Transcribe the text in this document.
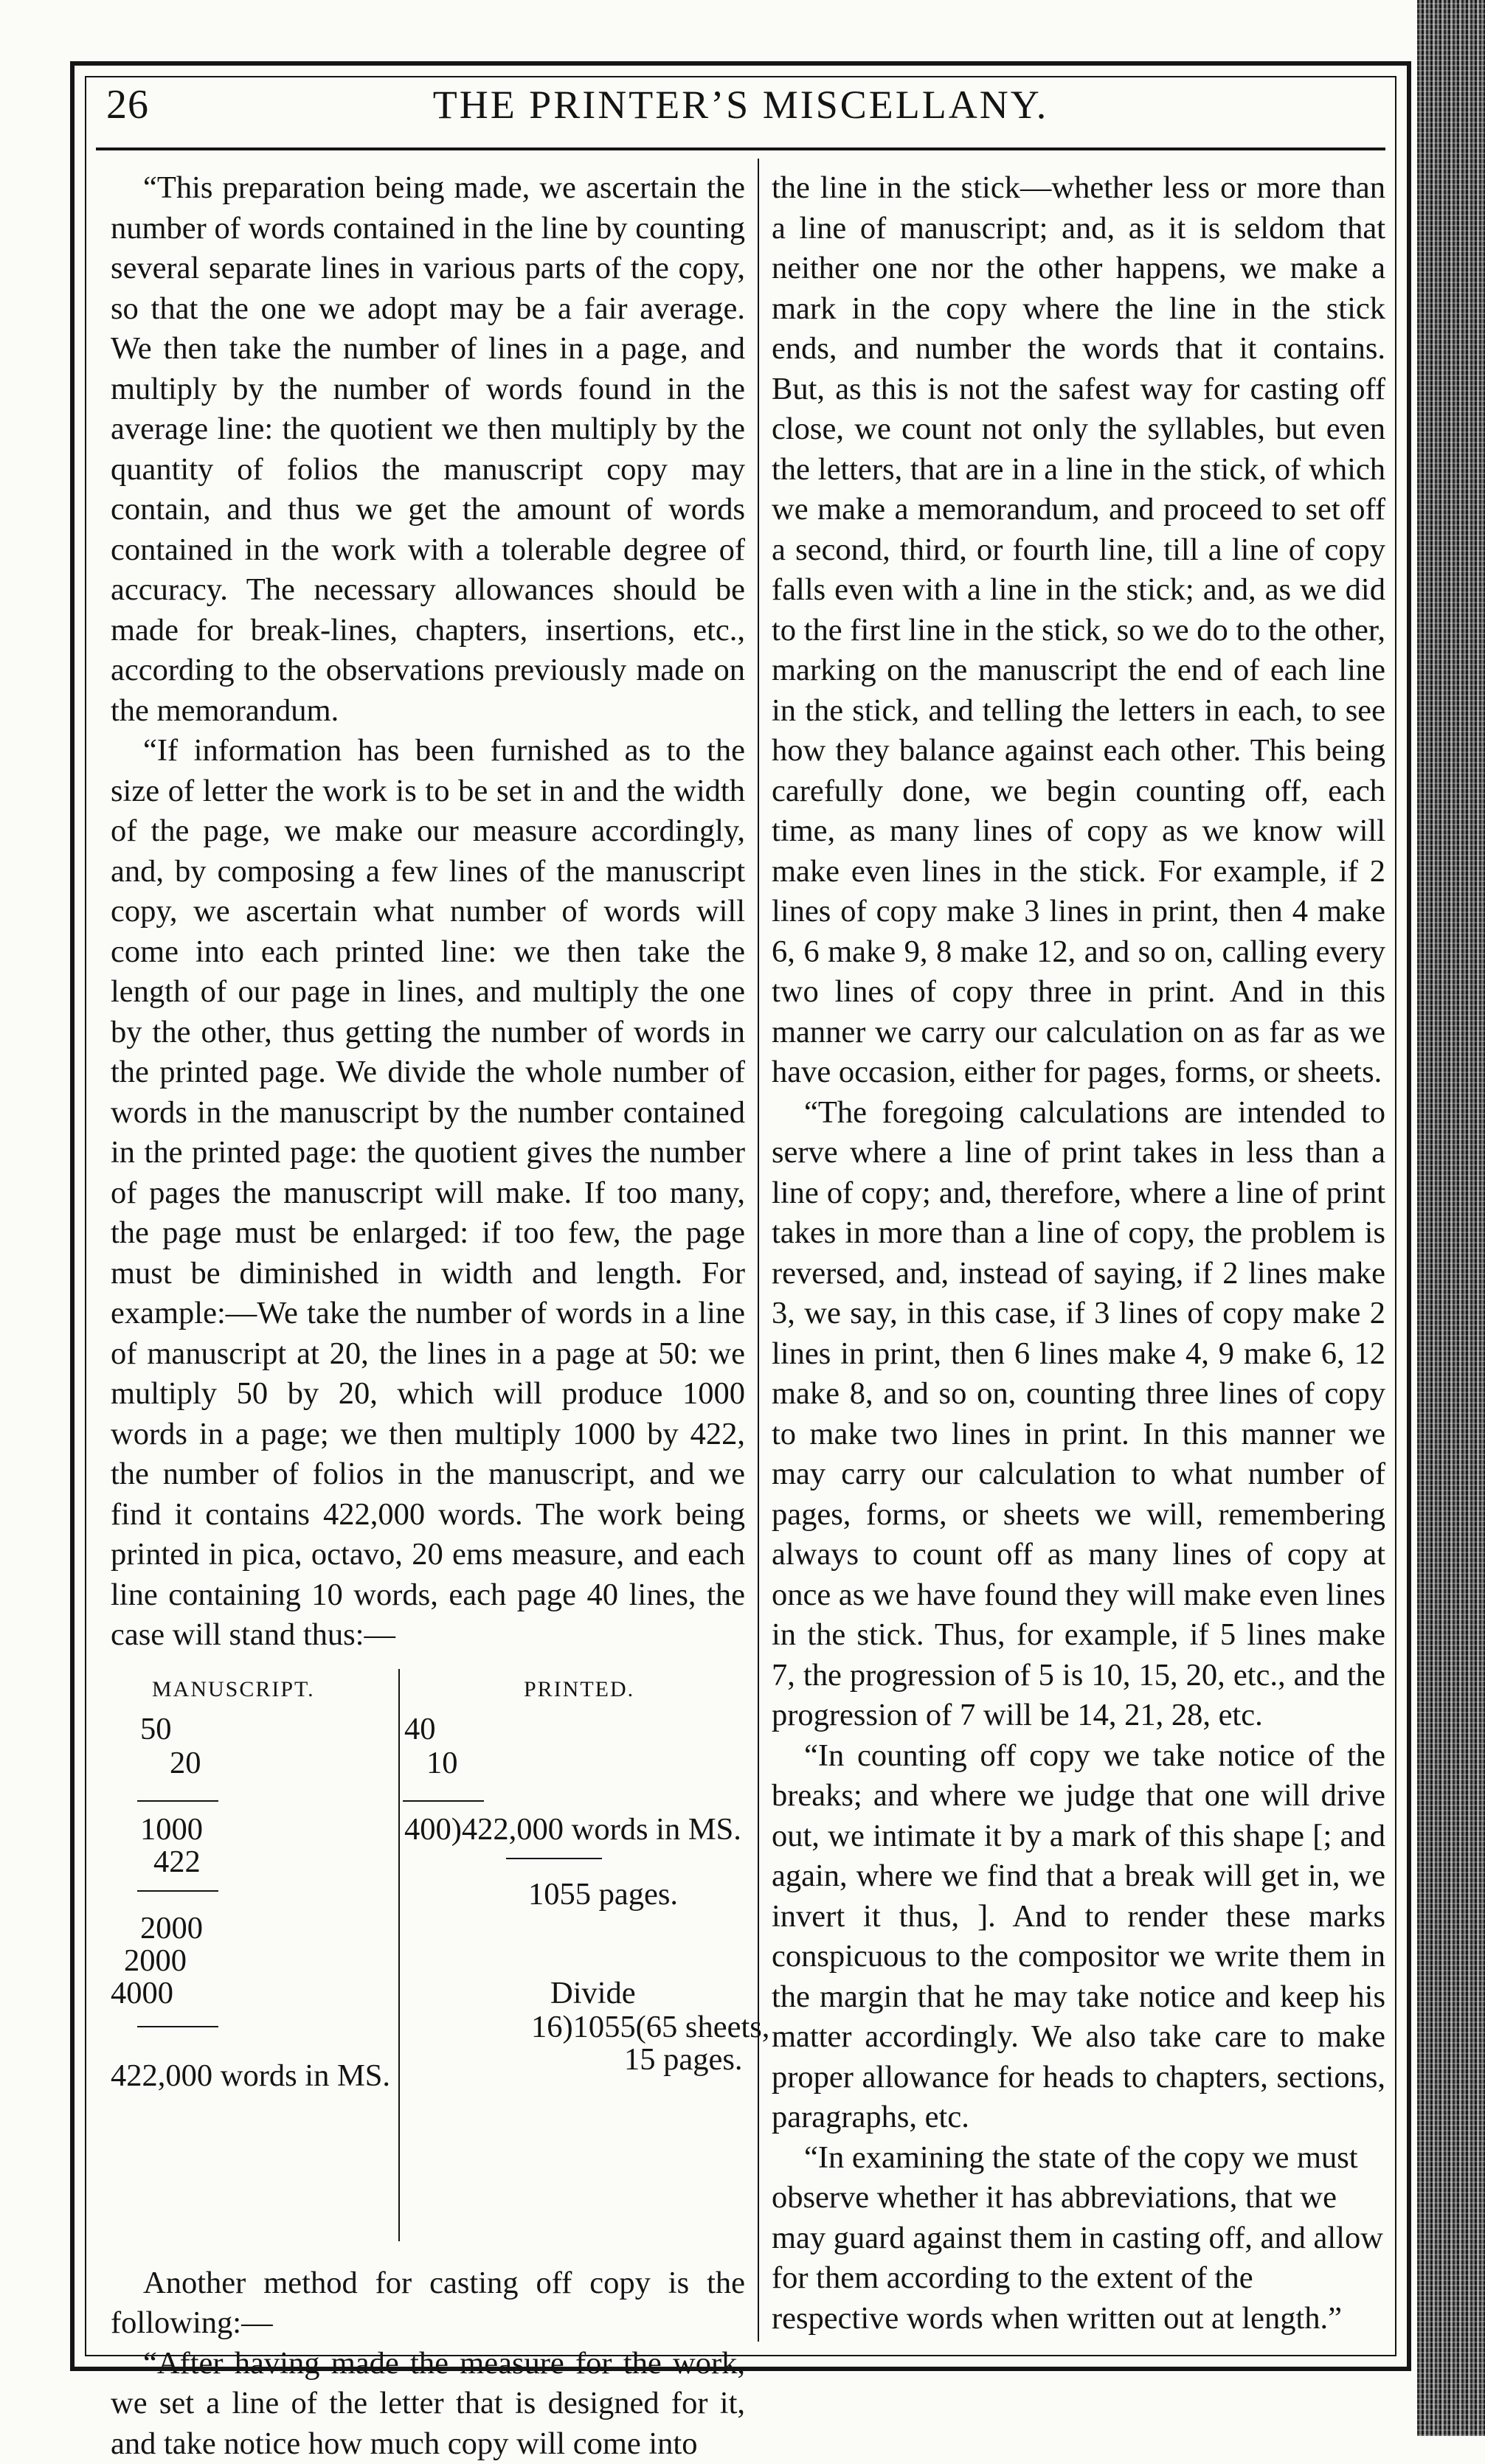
26	THE PRINTER’S MISCELLANY.

“This preparation being made, we ascertain the number of words contained in the line by counting several separate lines in various parts of the copy, so that the one we adopt may be a fair average. We then take the number of lines in a page, and multiply by the number of words found in the average line: the quotient we then multiply by the quantity of folios the manuscript copy may contain, and thus we get the amount of words contained in the work with a tolerable degree of accuracy. The necessary allowances should be made for break-lines, chapters, insertions, etc., according to the observations previously made on the memorandum.

“If information has been furnished as to the size of letter the work is to be set in and the width of the page, we make our measure accordingly, and, by composing a few lines of the manuscript copy, we ascertain what number of words will come into each printed line: we then take the length of our page in lines, and multiply the one by the other, thus getting the number of words in the printed page. We divide the whole number of words in the manuscript by the number contained in the printed page: the quotient gives the number of pages the manuscript will make. If too many, the page must be enlarged: if too few, the page must be diminished in width and length. For example:—We take the number of words in a line of manuscript at 20, the lines in a page at 50: we multiply 50 by 20, which will produce 1000 words in a page; we then multiply 1000 by 422, the number of folios in the manuscript, and we find it contains 422,000 words. The work being printed in pica, octavo, 20 ems measure, and each line containing 10 words, each page 40 lines, the case will stand thus:—

MANUSCRIPT.	PRINTED.
50
20
1000
422
2000
2000
4000
422,000 words in MS.
40
10
400)422,000 words in MS.
1055 pages.
Divide
16)1055(65 sheets,
15 pages.

Another method for casting off copy is the following:—

“After having made the measure for the work, we set a line of the letter that is designed for it, and take notice how much copy will come into

the line in the stick—whether less or more than a line of manuscript; and, as it is seldom that neither one nor the other happens, we make a mark in the copy where the line in the stick ends, and number the words that it contains. But, as this is not the safest way for casting off close, we count not only the syllables, but even the letters, that are in a line in the stick, of which we make a memorandum, and proceed to set off a second, third, or fourth line, till a line of copy falls even with a line in the stick; and, as we did to the first line in the stick, so we do to the other, marking on the manuscript the end of each line in the stick, and telling the letters in each, to see how they balance against each other. This being carefully done, we begin counting off, each time, as many lines of copy as we know will make even lines in the stick. For example, if 2 lines of copy make 3 lines in print, then 4 make 6, 6 make 9, 8 make 12, and so on, calling every two lines of copy three in print. And in this manner we carry our calculation on as far as we have occasion, either for pages, forms, or sheets.

“The foregoing calculations are intended to serve where a line of print takes in less than a line of copy; and, therefore, where a line of print takes in more than a line of copy, the problem is reversed, and, instead of saying, if 2 lines make 3, we say, in this case, if 3 lines of copy make 2 lines in print, then 6 lines make 4, 9 make 6, 12 make 8, and so on, counting three lines of copy to make two lines in print. In this manner we may carry our calculation to what number of pages, forms, or sheets we will, remembering always to count off as many lines of copy at once as we have found they will make even lines in the stick. Thus, for example, if 5 lines make 7, the progression of 5 is 10, 15, 20, etc., and the progression of 7 will be 14, 21, 28, etc.

“In counting off copy we take notice of the breaks; and where we judge that one will drive out, we intimate it by a mark of this shape [; and again, where we find that a break will get in, we invert it thus, ]. And to render these marks conspicuous to the compositor we write them in the margin that he may take notice and keep his matter accordingly. We also take care to make proper allowance for heads to chapters, sections, paragraphs, etc.

“In examining the state of the copy we must observe whether it has abbreviations, that we may guard against them in casting off, and allow for them according to the extent of the respective words when written out at length.”
